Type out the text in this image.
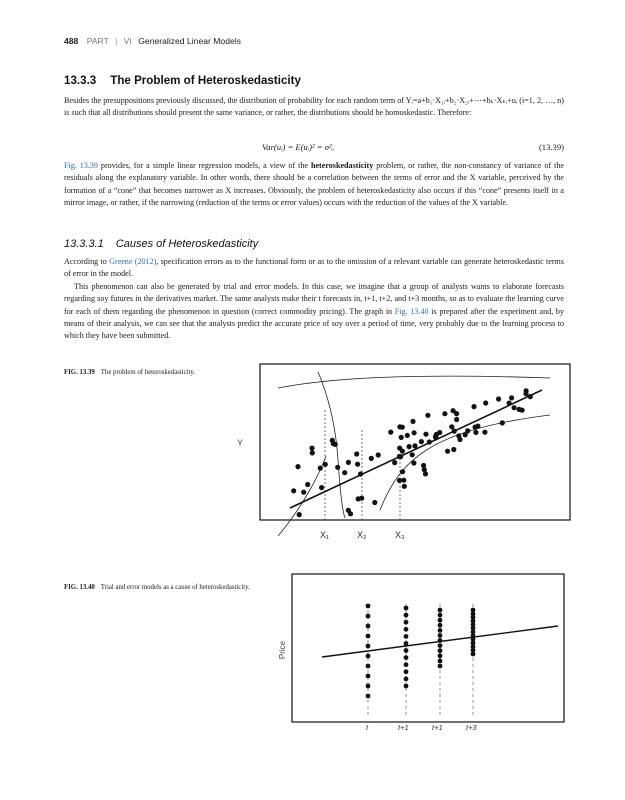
488 PART | VI Generalized Linear Models
13.3.3 The Problem of Heteroskedasticity

Besides the presuppositions previously discussed, the distribution of probability for each random term of Yᵢ=a+b₁·X₁ᵢ+b₂·X₂ᵢ+⋯+bₖ·Xₖᵢ+uᵢ (i=1, 2, …, n) is such that all distributions should present the same variance, or rather, the distributions should be homoskedastic. Therefore:

Var(uᵢ) = E(uᵢ)² = σ²ᵤ	(13.39)

Fig. 13.39 provides, for a simple linear regression models, a view of the heteroskedasticity problem, or rather, the non-constancy of variance of the residuals along the explanatory variable. In other words, there should be a correlation between the terms of error and the X variable, perceived by the formation of a “cone” that becomes narrower as X increases. Obviously, the problem of heteroskedasticity also occurs if this “cone” presents itself in a mirror image, or rather, if the narrowing (reduction of the terms or error values) occurs with the reduction of the values of the X variable.

13.3.3.1 Causes of Heteroskedasticity

According to Greene (2012), specification errors as to the functional form or as to the omission of a relevant variable can generate heteroskedastic terms of error in the model.

This phenomenon can also be generated by trial and error models. In this case, we imagine that a group of analysts wants to elaborate forecasts regarding soy futures in the derivatives market. The same analysts make their t forecasts in, t+1, t+2, and t+3 months, so as to evaluate the learning curve for each of them regarding the phenomenon in question (correct commodity pricing). The graph in Fig. 13.40 is prepared after the experiment and, by means of their analysis, we can see that the analysts predict the accurate price of soy over a period of time, very probably due to the learning process to which they have been submitted.

FIG. 13.39 The problem of heteroskedasticity.
Y
X₁	X₂	X₃
FIG. 13.40 Trial and error models as a cause of heteroskedasticity.
Price
t	t+1	t+1	t+3
